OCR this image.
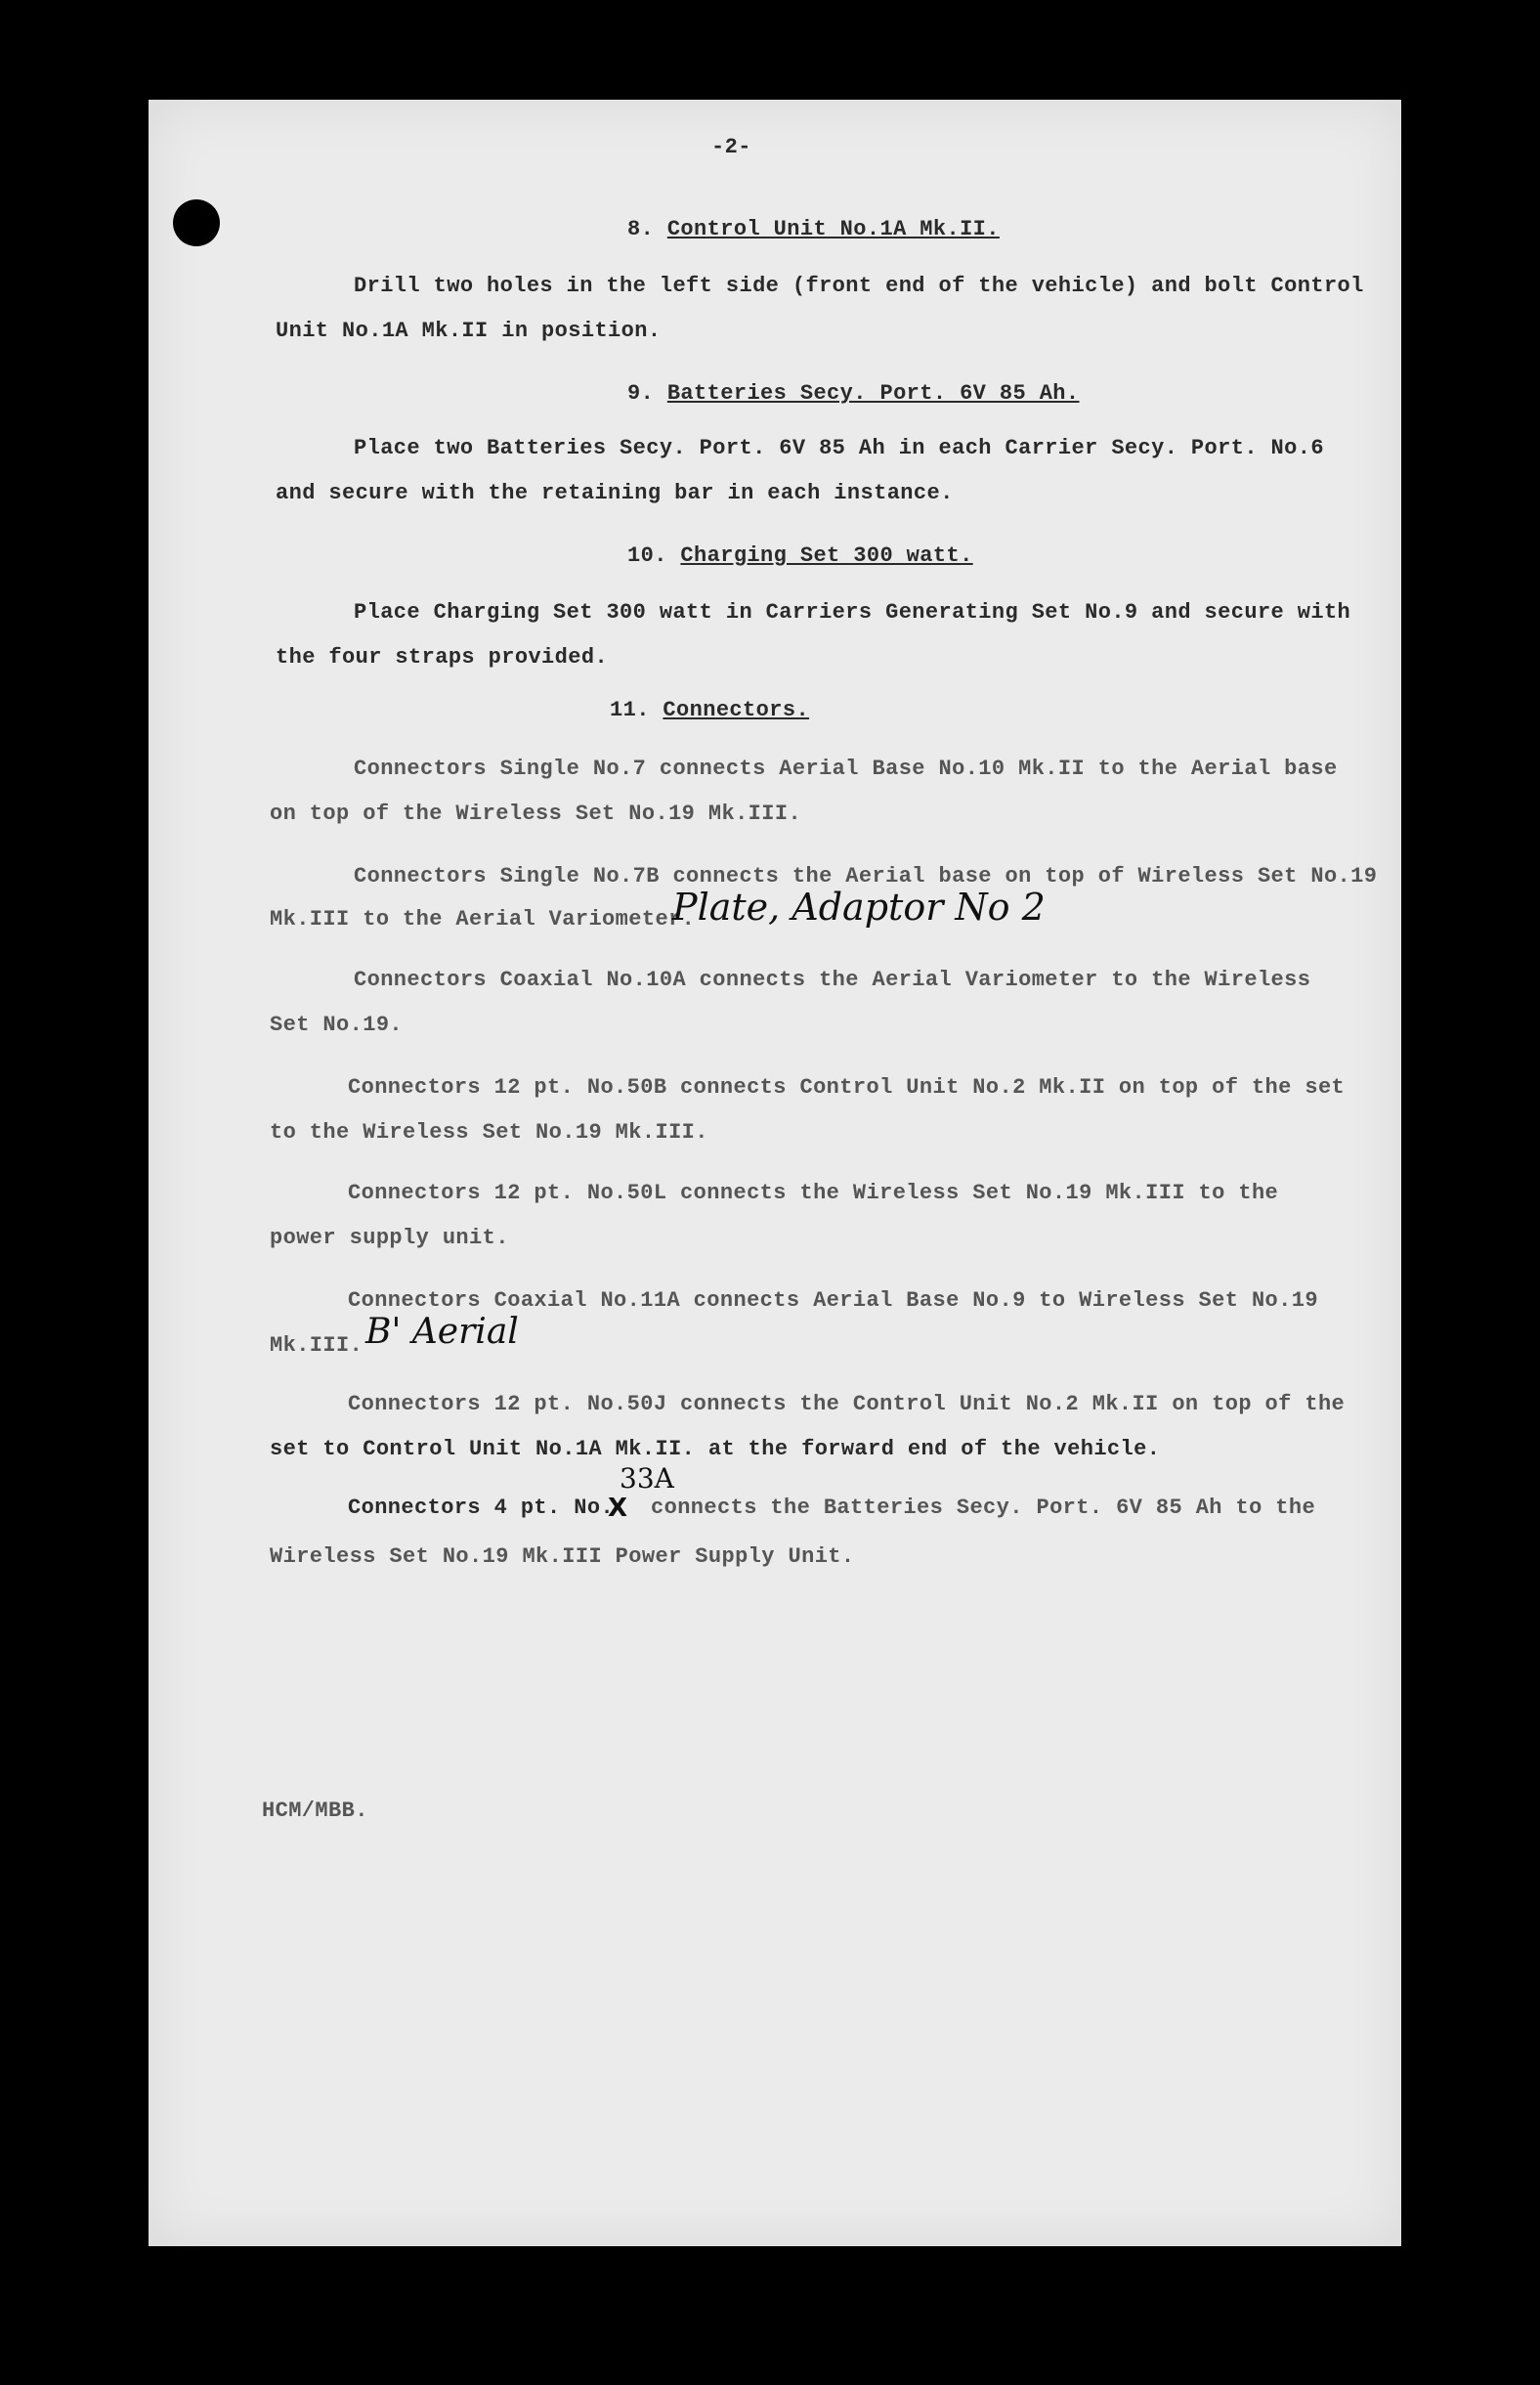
-2-
8. Control Unit No.1A Mk.II.
Drill two holes in the left side (front end of the vehicle) and bolt Control
Unit No.1A Mk.II in position.
9. Batteries Secy. Port. 6V 85 Ah.
Place two Batteries Secy. Port. 6V 85 Ah in each Carrier Secy. Port. No.6
and secure with the retaining bar in each instance.
10. Charging Set 300 watt.
Place Charging Set 300 watt in Carriers Generating Set No.9 and secure with
the four straps provided.
11. Connectors.
Connectors Single No.7 connects Aerial Base No.10 Mk.II to the Aerial base
on top of the Wireless Set No.19 Mk.III.
Connectors Single No.7B connects the Aerial base on top of Wireless Set No.19
Mk.III to the Aerial Variometer.
Plate, Adaptor No 2
Connectors Coaxial No.10A connects the Aerial Variometer to the Wireless
Set No.19.
Connectors 12 pt. No.50B connects Control Unit No.2 Mk.II on top of the set
to the Wireless Set No.19 Mk.III.
Connectors 12 pt. No.50L connects the Wireless Set No.19 Mk.III to the
power supply unit.
Connectors Coaxial No.11A connects Aerial Base No.9 to Wireless Set No.19
Mk.III. B' Aerial
Connectors 12 pt. No.50J connects the Control Unit No.2 Mk.II on top of the
set to Control Unit No.1A Mk.II. at the forward end of the vehicle.
Connectors 4 pt. No.
X
33A
connects the Batteries Secy. Port. 6V 85 Ah to the
Wireless Set No.19 Mk.III Power Supply Unit.
HCM/MBB.
